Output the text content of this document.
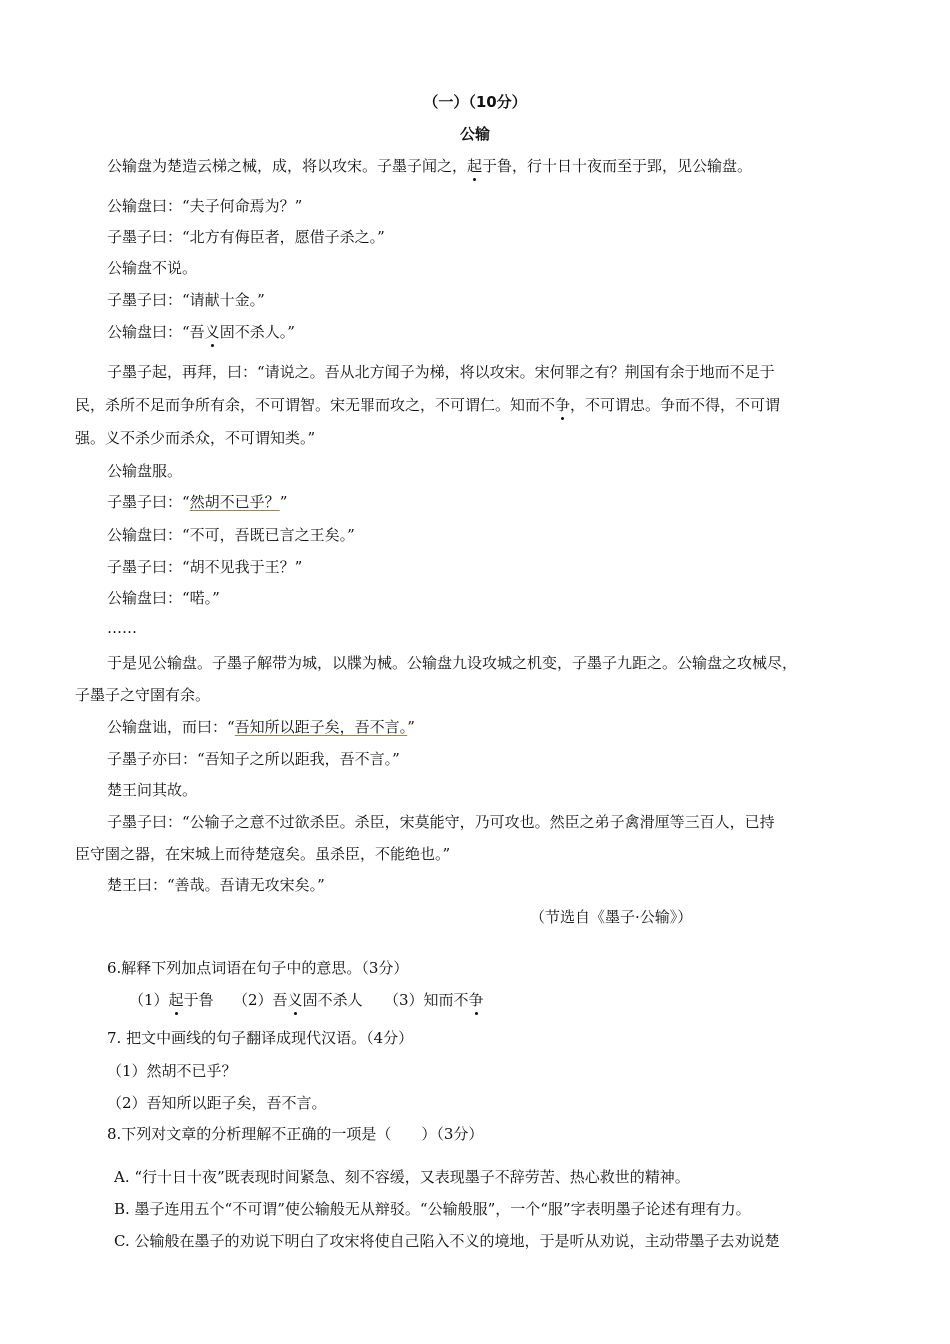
（一）（10分）
公输
公输盘为楚造云梯之械，成，将以攻宋。子墨子闻之，起于鲁，行十日十夜而至于郢，见公输盘。
公输盘曰：“夫子何命焉为？”
子墨子曰：“北方有侮臣者，愿借子杀之。”
公输盘不说。
子墨子曰：“请献十金。”
公输盘曰：“吾义固不杀人。”
子墨子起，再拜，曰：“请说之。吾从北方闻子为梯，将以攻宋。宋何罪之有？荆国有余于地而不足于
民，杀所不足而争所有余，不可谓智。宋无罪而攻之，不可谓仁。知而不争，不可谓忠。争而不得，不可谓
强。义不杀少而杀众，不可谓知类。”
公输盘服。
子墨子曰：“然胡不已乎？”
公输盘曰：“不可，吾既已言之王矣。”
子墨子曰：“胡不见我于王？”
公输盘曰：“喏。”
……
于是见公输盘。子墨子解带为城，以牒为械。公输盘九设攻城之机变，子墨子九距之。公输盘之攻械尽，
子墨子之守圉有余。
公输盘诎，而曰：“吾知所以距子矣，吾不言。”
子墨子亦曰：“吾知子之所以距我，吾不言。”
楚王问其故。
子墨子曰：“公输子之意不过欲杀臣。杀臣，宋莫能守，乃可攻也。然臣之弟子禽滑厘等三百人，已持
臣守圉之器，在宋城上而待楚寇矣。虽杀臣，不能绝也。”
楚王曰：“善哉。吾请无攻宋矣。”
（节选自《墨子·公输》）
6.解释下列加点词语在句子中的意思。（3分）
（1）起于鲁 （2）吾义固不杀人 （3）知而不争
7. 把文中画线的句子翻译成现代汉语。（4分）
（1）然胡不已乎？
（2）吾知所以距子矣，吾不言。
8.下列对文章的分析理解不正确的一项是（　　）（3分）
A. “行十日十夜”既表现时间紧急、刻不容缓，又表现墨子不辞劳苦、热心救世的精神。
B. 墨子连用五个“不可谓”使公输般无从辩驳。“公输般服”，一个“服”字表明墨子论述有理有力。
C. 公输般在墨子的劝说下明白了攻宋将使自己陷入不义的境地，于是听从劝说，主动带墨子去劝说楚
